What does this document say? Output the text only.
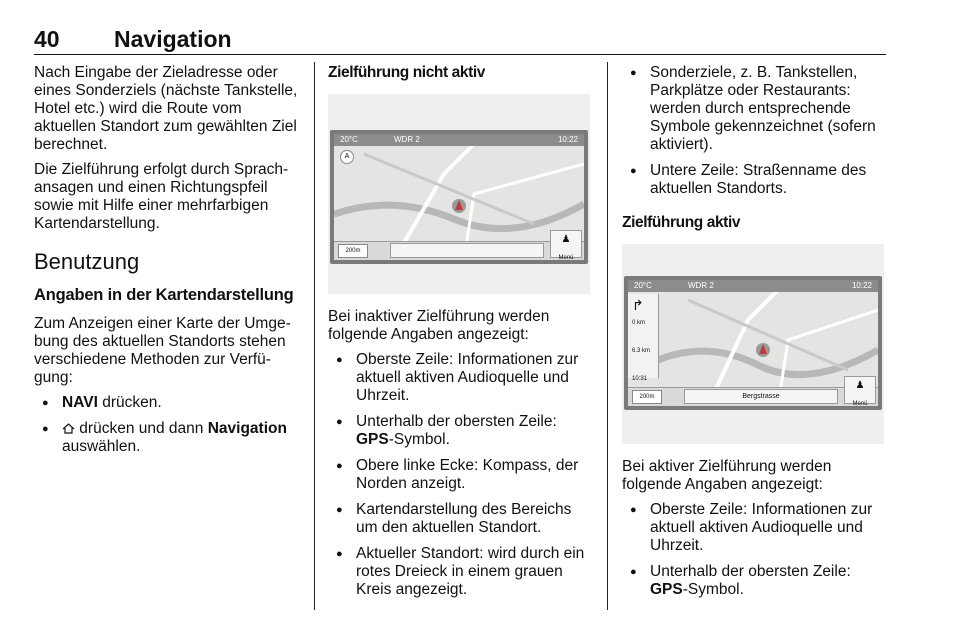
40 Navigation

Nach Eingabe der Zieladresse oder eines Sonderziels (nächste Tankstelle, Hotel etc.) wird die Route vom aktuellen Standort zum gewählten Ziel berechnet.

Die Zielführung erfolgt durch Sprachansagen und einen Richtungspfeil sowie mit Hilfe einer mehrfarbigen Kartendarstellung.

Benutzung
Angaben in der Kartendarstellung

Zum Anzeigen einer Karte der Umgebung des aktuellen Standorts stehen verschiedene Methoden zur Verfügung:

● NAVI drücken.
● drücken und dann Navigation auswählen.
Zielführung nicht aktiv
20°C	WDR 2	10:22
A
200m
♟
Menü

Bei inaktiver Zielführung werden folgende Angaben angezeigt:

● Oberste Zeile: Informationen zur aktuell aktiven Audioquelle und Uhrzeit.
● Unterhalb der obersten Zeile: GPS-Symbol.
● Obere linke Ecke: Kompass, der Norden anzeigt.
● Kartendarstellung des Bereichs um den aktuellen Standort.
● Aktueller Standort: wird durch ein rotes Dreieck in einem grauen Kreis angezeigt.
● Sonderziele, z. B. Tankstellen, Parkplätze oder Restaurants: werden durch entsprechende Symbole gekennzeichnet (sofern aktiviert).
● Untere Zeile: Straßenname des aktuellen Standorts.
Zielführung aktiv
20°C	WDR 2	10:22
↱
0 km
6.3 km
10:31
200m	Bergstrasse
♟
Menü

Bei aktiver Zielführung werden folgende Angaben angezeigt:

● Oberste Zeile: Informationen zur aktuell aktiven Audioquelle und Uhrzeit.
● Unterhalb der obersten Zeile: GPS-Symbol.
